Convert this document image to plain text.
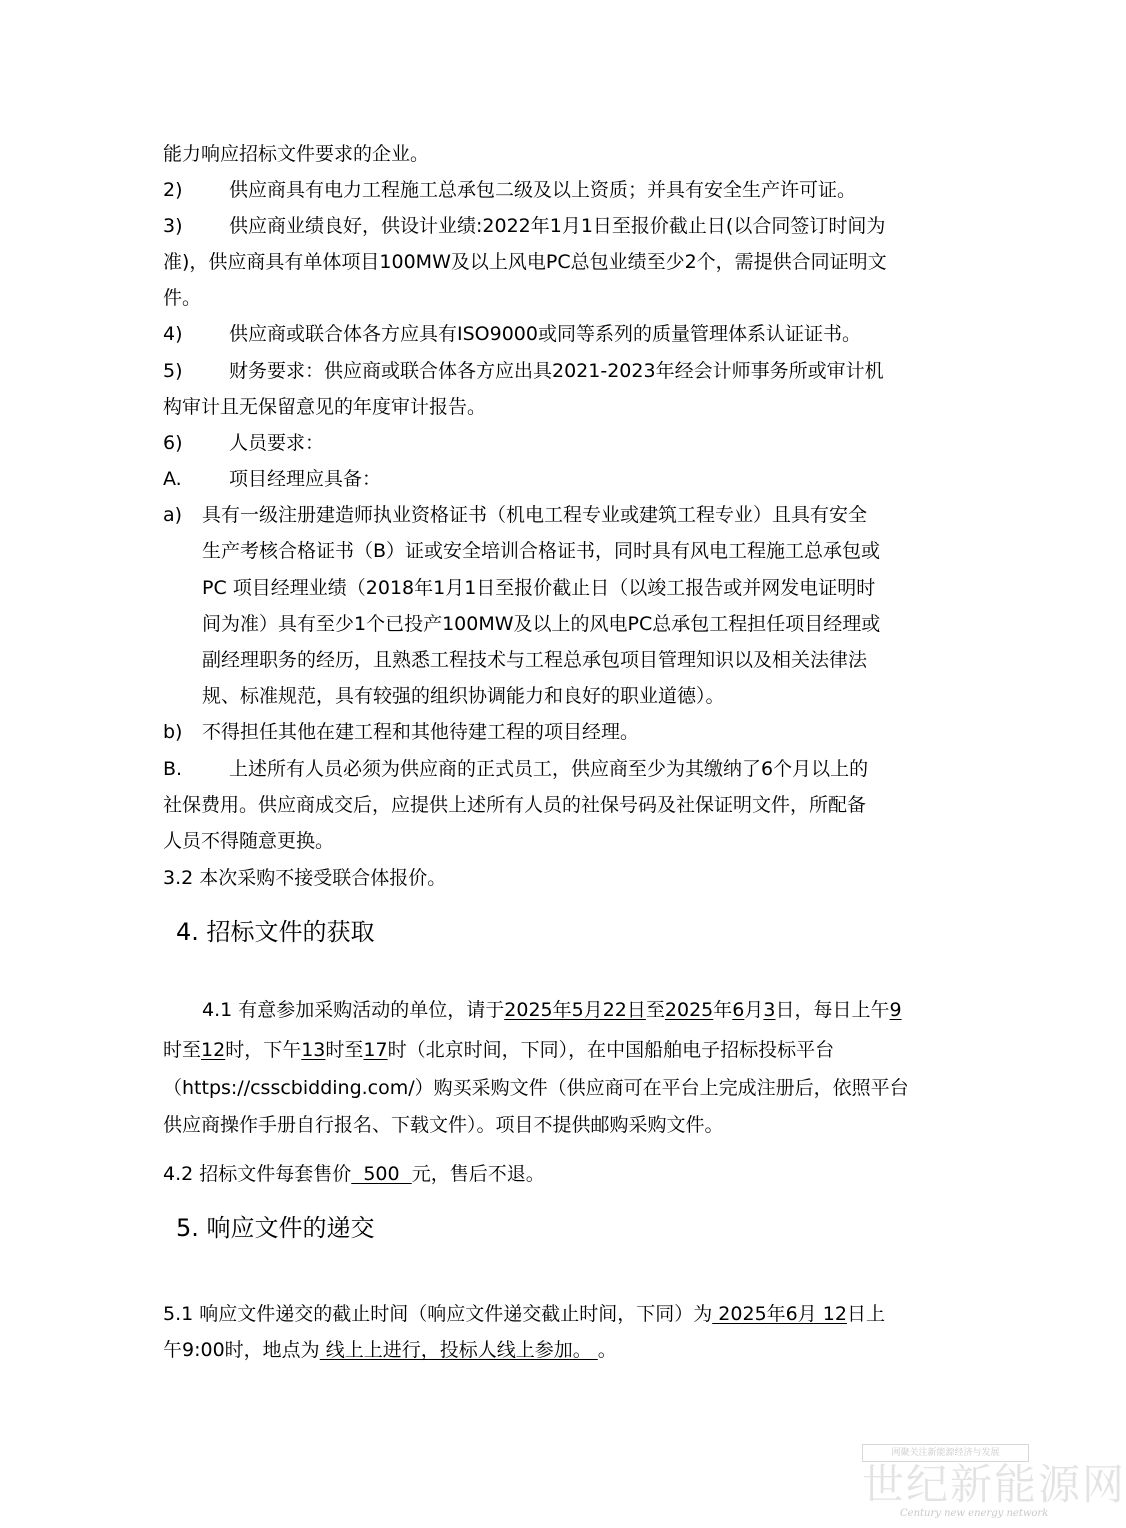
能力响应招标文件要求的企业。
2) 供应商具有电力工程施工总承包二级及以上资质；并具有安全生产许可证。
3) 供应商业绩良好，供设计业绩:2022年1月1日至报价截止日(以合同签订时间为
准)，供应商具有单体项目100MW及以上风电PC总包业绩至少2个，需提供合同证明文
件。
4) 供应商或联合体各方应具有ISO9000或同等系列的质量管理体系认证证书。
5) 财务要求：供应商或联合体各方应出具2021-2023年经会计师事务所或审计机
构审计且无保留意见的年度审计报告。
6) 人员要求：
A. 项目经理应具备：
a) 具有一级注册建造师执业资格证书（机电工程专业或建筑工程专业）且具有安全
生产考核合格证书（B）证或安全培训合格证书，同时具有风电工程施工总承包或
PC 项目经理业绩（2018年1月1日至报价截止日（以竣工报告或并网发电证明时
间为准）具有至少1个已投产100MW及以上的风电PC总承包工程担任项目经理或
副经理职务的经历，且熟悉工程技术与工程总承包项目管理知识以及相关法律法
规、标准规范，具有较强的组织协调能力和良好的职业道德）。
b) 不得担任其他在建工程和其他待建工程的项目经理。
B. 上述所有人员必须为供应商的正式员工，供应商至少为其缴纳了6个月以上的
社保费用。供应商成交后，应提供上述所有人员的社保号码及社保证明文件，所配备
人员不得随意更换。
3.2 本次采购不接受联合体报价。
4. 招标文件的获取
4.1 有意参加采购活动的单位，请于2025年5月22日至2025年6月3日，每日上午9
时至12时，下午13时至17时（北京时间，下同），在中国船舶电子招标投标平台
（https://csscbidding.com/）购买采购文件（供应商可在平台上完成注册后，依照平台
供应商操作手册自行报名、下载文件）。项目不提供邮购采购文件。
4.2 招标文件每套售价  500  元，售后不退。
5. 响应文件的递交
5.1 响应文件递交的截止时间（响应文件递交截止时间，下同）为 2025年6月 12日上
午9:00时，地点为 线上上进行，投标人线上参加。 。
网聚关注新能源经济与发展
世纪新能源网
Century new energy network
